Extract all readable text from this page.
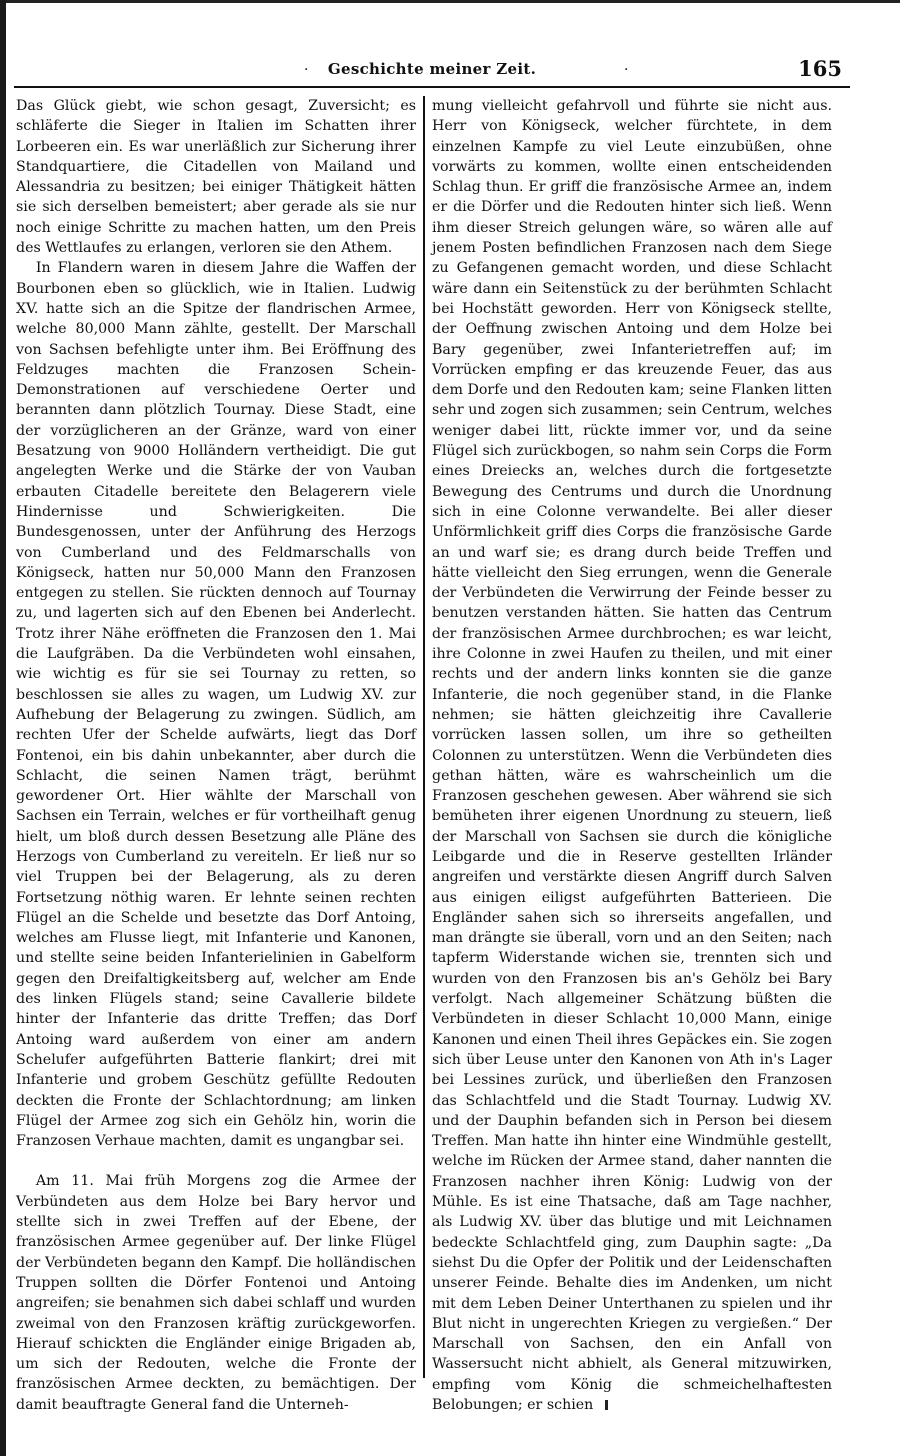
·	Geschichte meiner Zeit.	·	165

Das Glück giebt, wie schon gesagt, Zuversicht; es schläferte die Sieger in Italien im Schatten ihrer Lorbeeren ein. Es war unerläßlich zur Sicherung ihrer Standquartiere, die Citadellen von Mailand und Alessandria zu besitzen; bei einiger Thätigkeit hätten sie sich derselben bemeistert; aber gerade als sie nur noch einige Schritte zu machen hatten, um den Preis des Wettlaufes zu erlangen, verloren sie den Athem.

In Flandern waren in diesem Jahre die Waffen der Bourbonen eben so glücklich, wie in Italien. Ludwig XV. hatte sich an die Spitze der flandrischen Armee, welche 80,000 Mann zählte, gestellt. Der Marschall von Sachsen befehligte unter ihm. Bei Eröffnung des Feldzuges machten die Franzosen Schein-Demonstrationen auf verschiedene Oerter und berannten dann plötzlich Tournay. Diese Stadt, eine der vorzüglicheren an der Gränze, ward von einer Besatzung von 9000 Holländern vertheidigt. Die gut angelegten Werke und die Stärke der von Vauban erbauten Citadelle bereitete den Belagerern viele Hindernisse und Schwierigkeiten. Die Bundesgenossen, unter der Anführung des Herzogs von Cumberland und des Feldmarschalls von Königseck, hatten nur 50,000 Mann den Franzosen entgegen zu stellen. Sie rückten dennoch auf Tournay zu, und lagerten sich auf den Ebenen bei Anderlecht. Trotz ihrer Nähe eröffneten die Franzosen den 1. Mai die Laufgräben. Da die Verbündeten wohl einsahen, wie wichtig es für sie sei Tournay zu retten, so beschlossen sie alles zu wagen, um Ludwig XV. zur Aufhebung der Belagerung zu zwingen. Südlich, am rechten Ufer der Schelde aufwärts, liegt das Dorf Fontenoi, ein bis dahin unbekannter, aber durch die Schlacht, die seinen Namen trägt, berühmt gewordener Ort. Hier wählte der Marschall von Sachsen ein Terrain, welches er für vortheilhaft genug hielt, um bloß durch dessen Besetzung alle Pläne des Herzogs von Cumberland zu vereiteln. Er ließ nur so viel Truppen bei der Belagerung, als zu deren Fortsetzung nöthig waren. Er lehnte seinen rechten Flügel an die Schelde und besetzte das Dorf Antoing, welches am Flusse liegt, mit Infanterie und Kanonen, und stellte seine beiden Infanterielinien in Gabelform gegen den Dreifaltigkeitsberg auf, welcher am Ende des linken Flügels stand; seine Cavallerie bildete hinter der Infanterie das dritte Treffen; das Dorf Antoing ward außerdem von einer am andern Schelufer aufgeführten Batterie flankirt; drei mit Infanterie und grobem Geschütz gefüllte Redouten deckten die Fronte der Schlachtordnung; am linken Flügel der Armee zog sich ein Gehölz hin, worin die Franzosen Verhaue machten, damit es ungangbar sei.

Am 11. Mai früh Morgens zog die Armee der Verbündeten aus dem Holze bei Bary hervor und stellte sich in zwei Treffen auf der Ebene, der französischen Armee gegenüber auf. Der linke Flügel der Verbündeten begann den Kampf. Die holländischen Truppen sollten die Dörfer Fontenoi und Antoing angreifen; sie benahmen sich dabei schlaff und wurden zweimal von den Franzosen kräftig zurückgeworfen. Hierauf schickten die Engländer einige Brigaden ab, um sich der Redouten, welche die Fronte der französischen Armee deckten, zu bemächtigen. Der damit beauftragte General fand die Unterneh-

mung vielleicht gefahrvoll und führte sie nicht aus. Herr von Königseck, welcher fürchtete, in dem einzelnen Kampfe zu viel Leute einzubüßen, ohne vorwärts zu kommen, wollte einen entscheidenden Schlag thun. Er griff die französische Armee an, indem er die Dörfer und die Redouten hinter sich ließ. Wenn ihm dieser Streich gelungen wäre, so wären alle auf jenem Posten befindlichen Franzosen nach dem Siege zu Gefangenen gemacht worden, und diese Schlacht wäre dann ein Seitenstück zu der berühmten Schlacht bei Hochstätt geworden. Herr von Königseck stellte, der Oeffnung zwischen Antoing und dem Holze bei Bary gegenüber, zwei Infanterietreffen auf; im Vorrücken empfing er das kreuzende Feuer, das aus dem Dorfe und den Redouten kam; seine Flanken litten sehr und zogen sich zusammen; sein Centrum, welches weniger dabei litt, rückte immer vor, und da seine Flügel sich zurückbogen, so nahm sein Corps die Form eines Dreiecks an, welches durch die fortgesetzte Bewegung des Centrums und durch die Unordnung sich in eine Colonne verwandelte. Bei aller dieser Unförmlichkeit griff dies Corps die französische Garde an und warf sie; es drang durch beide Treffen und hätte vielleicht den Sieg errungen, wenn die Generale der Verbündeten die Verwirrung der Feinde besser zu benutzen verstanden hätten. Sie hatten das Centrum der französischen Armee durchbrochen; es war leicht, ihre Colonne in zwei Haufen zu theilen, und mit einer rechts und der andern links konnten sie die ganze Infanterie, die noch gegenüber stand, in die Flanke nehmen; sie hätten gleichzeitig ihre Cavallerie vorrücken lassen sollen, um ihre so getheilten Colonnen zu unterstützen. Wenn die Verbündeten dies gethan hätten, wäre es wahrscheinlich um die Franzosen geschehen gewesen. Aber während sie sich bemüheten ihrer eigenen Unordnung zu steuern, ließ der Marschall von Sachsen sie durch die königliche Leibgarde und die in Reserve gestellten Irländer angreifen und verstärkte diesen Angriff durch Salven aus einigen eiligst aufgeführten Batterieen. Die Engländer sahen sich so ihrerseits angefallen, und man drängte sie überall, vorn und an den Seiten; nach tapferm Widerstande wichen sie, trennten sich und wurden von den Franzosen bis an's Gehölz bei Bary verfolgt. Nach allgemeiner Schätzung büßten die Verbündeten in dieser Schlacht 10,000 Mann, einige Kanonen und einen Theil ihres Gepäckes ein. Sie zogen sich über Leuse unter den Kanonen von Ath in's Lager bei Lessines zurück, und überließen den Franzosen das Schlachtfeld und die Stadt Tournay. Ludwig XV. und der Dauphin befanden sich in Person bei diesem Treffen. Man hatte ihn hinter eine Windmühle gestellt, welche im Rücken der Armee stand, daher nannten die Franzosen nachher ihren König: Ludwig von der Mühle. Es ist eine Thatsache, daß am Tage nachher, als Ludwig XV. über das blutige und mit Leichnamen bedeckte Schlachtfeld ging, zum Dauphin sagte: „Da siehst Du die Opfer der Politik und der Leidenschaften unserer Feinde. Behalte dies im Andenken, um nicht mit dem Leben Deiner Unterthanen zu spielen und ihr Blut nicht in ungerechten Kriegen zu vergießen.“ Der Marschall von Sachsen, den ein Anfall von Wassersucht nicht abhielt, als General mitzuwirken, empfing vom König die schmeichelhaftesten Belobungen; er schien
